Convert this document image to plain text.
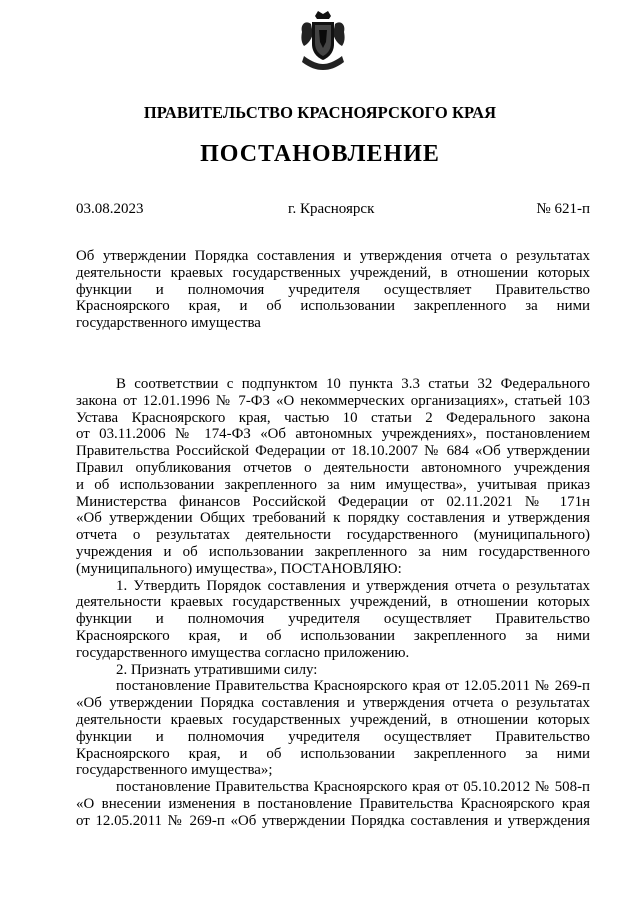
ПРАВИТЕЛЬСТВО КРАСНОЯРСКОГО КРАЯ
ПОСТАНОВЛЕНИЕ
03.08.2023	г. Красноярск	№ 621-п
Об утверждении Порядка составления и утверждения отчета о результатах
деятельности краевых государственных учреждений, в отношении которых
функции и полномочия учредителя осуществляет Правительство
Красноярского края, и об использовании закрепленного за ними
государственного имущества
В соответствии с подпунктом 10 пункта 3.3 статьи 32 Федерального
закона от 12.01.1996 № 7-ФЗ «О некоммерческих организациях», статьей 103
Устава Красноярского края, частью 10 статьи 2 Федерального закона
от 03.11.2006 № 174-ФЗ «Об автономных учреждениях», постановлением
Правительства Российской Федерации от 18.10.2007 № 684 «Об утверждении
Правил опубликования отчетов о деятельности автономного учреждения
и об использовании закрепленного за ним имущества», учитывая приказ
Министерства финансов Российской Федерации от 02.11.2021 № 171н
«Об утверждении Общих требований к порядку составления и утверждения
отчета о результатах деятельности государственного (муниципального)
учреждения и об использовании закрепленного за ним государственного
(муниципального) имущества», ПОСТАНОВЛЯЮ:
1. Утвердить Порядок составления и утверждения отчета о результатах
деятельности краевых государственных учреждений, в отношении которых
функции и полномочия учредителя осуществляет Правительство
Красноярского края, и об использовании закрепленного за ними
государственного имущества согласно приложению.
2. Признать утратившими силу:
постановление Правительства Красноярского края от 12.05.2011 № 269-п
«Об утверждении Порядка составления и утверждения отчета о результатах
деятельности краевых государственных учреждений, в отношении которых
функции и полномочия учредителя осуществляет Правительство
Красноярского края, и об использовании закрепленного за ними
государственного имущества»;
постановление Правительства Красноярского края от 05.10.2012 № 508-п
«О внесении изменения в постановление Правительства Красноярского края
от 12.05.2011 № 269-п «Об утверждении Порядка составления и утверждения
